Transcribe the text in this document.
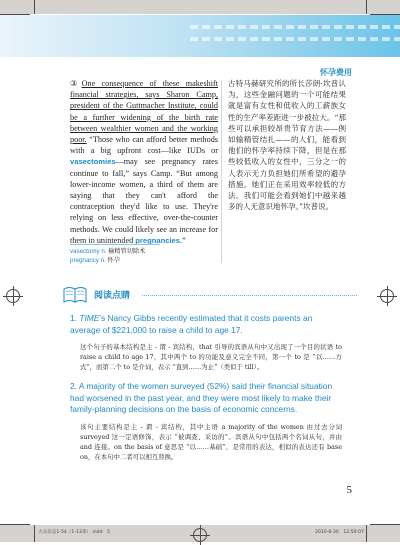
怀孕费用
③One consequence of these makeshift financial strategies, says Sharon Camp, president of the Guttmacher Institute, could be a further widening of the birth rate between wealthier women and the working poor. “Those who can afford better methods with a big upfront cost—like IUDs or vasectomies—may see pregnancy rates continue to fall,” says Camp. “But among lower-income women, a third of them are saying that they can't afford the contraception they'd like to use. They're relying on less effective, over-the-counter methods. We could likely see an increase for them in unintended pregnancies.”
古特马赫研究所的所长莎朗·坎普认为，这些金融问题的一个可能结果就是富有女性和低收入的工薪族女性的生产率差距进一步被拉大。“那些可以承担较昂贵节育方法——例如输精管结扎——的人们，能看到他们的怀孕率持续下降，但是在那些较低收入的女性中，三分之一的人表示无力负担她们所希望的避孕措施。她们正在采用效率较低的方法。我们可能会看到她们中越来越多的人无意识地怀孕。”坎普说。
vasectomy n. 输精管切除术
pregnancy n. 怀孕
阅读点睛
1. TIME's Nancy Gibbs recently estimated that it costs parents an average of $221,000 to raise a child to age 17.
这个句子的基本结构是主 - 谓 - 宾结构，that 引导的宾语从句中又出现了一个目的状语 to raise a child to age 17，其中两个 to 的功能及意义完全不同，第一个 to 是 “以……方式”，而第二个 to 是介词，表示 “直到……为止”（类似于 till）。
2. A majority of the women surveyed (52%) said their financial situation had worsened in the past year, and they were most likely to make their family-planning decisions on the basis of economic concerns.
该句主要结构是主 - 谓 - 宾结构，其中主语 a majority of the women 由过去分词 surveyed 这一定语修饰，表示 “被调查、采访的”。宾语从句中包括两个名词从句，并由 and 连接。on the basis of 意思是 “以……基础”，是常用的表达，相似的表达还有 base on，在本句中二者可以相互替换。
5
大众杂志1-54（1-13章）.indd　5	2010-8-30　12:50:07
